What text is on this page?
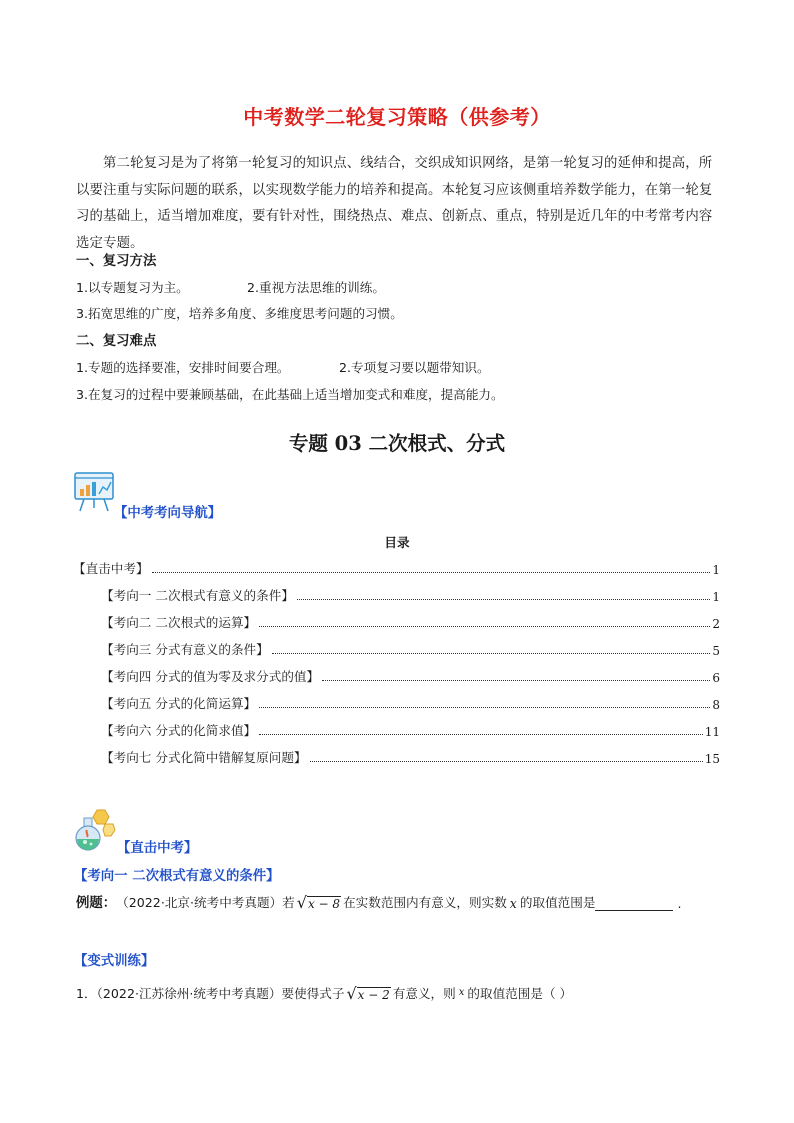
中考数学二轮复习策略（供参考）
第二轮复习是为了将第一轮复习的知识点、线结合，交织成知识网络，是第一轮复习的延伸和提高，所以要注重与实际问题的联系，以实现数学能力的培养和提高。本轮复习应该侧重培养数学能力，在第一轮复习的基础上，适当增加难度，要有针对性，围绕热点、难点、创新点、重点，特别是近几年的中考常考内容选定专题。
一、复习方法
1.以专题复习为主。	2.重视方法思维的训练。
3.拓宽思维的广度，培养多角度、多维度思考问题的习惯。
二、复习难点
1.专题的选择要准，安排时间要合理。	2.专项复习要以题带知识。
3.在复习的过程中要兼顾基础，在此基础上适当增加变式和难度，提高能力。
专题 03 二次根式、分式
【中考考向导航】
目录
【直击中考】	1
【考向一 二次根式有意义的条件】	1
【考向二 二次根式的运算】	2
【考向三 分式有意义的条件】	5
【考向四 分式的值为零及求分式的值】	6
【考向五 分式的化简运算】	8
【考向六 分式的化简求值】	11
【考向七 分式化简中错解复原问题】	15
【直击中考】
【考向一 二次根式有意义的条件】
例题： （2022·北京·统考中考真题）若 √ x − 8 在实数范围内有意义，则实数 x 的取值范围是	.
【变式训练】
1．（2022·江苏徐州·统考中考真题）要使得式子 √ x − 2 有意义，则 x 的取值范围是（ ）
